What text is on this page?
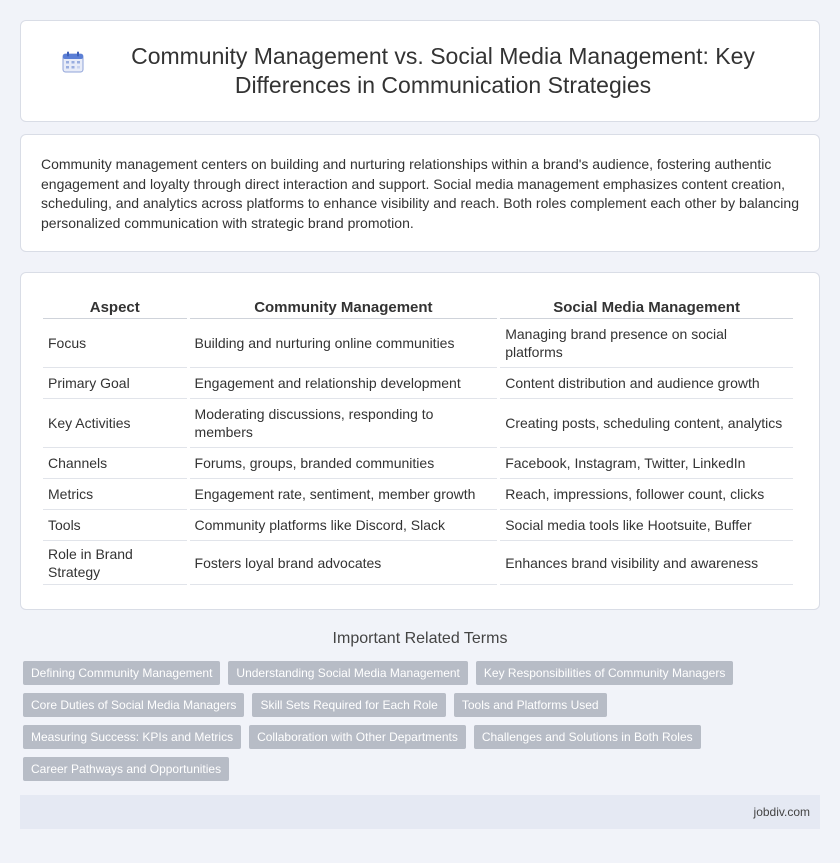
Community Management vs. Social Media Management: Key Differences in Communication Strategies

Community management centers on building and nurturing relationships within a brand's audience, fostering authentic engagement and loyalty through direct interaction and support. Social media management emphasizes content creation, scheduling, and analytics across platforms to enhance visibility and reach. Both roles complement each other by balancing personalized communication with strategic brand promotion.

Aspect	Community Management	Social Media Management
Focus	Building and nurturing online communities	Managing brand presence on social platforms
Primary Goal	Engagement and relationship development	Content distribution and audience growth
Key Activities	Moderating discussions, responding to members	Creating posts, scheduling content, analytics
Channels	Forums, groups, branded communities	Facebook, Instagram, Twitter, LinkedIn
Metrics	Engagement rate, sentiment, member growth	Reach, impressions, follower count, clicks
Tools	Community platforms like Discord, Slack	Social media tools like Hootsuite, Buffer
Role in Brand Strategy	Fosters loyal brand advocates	Enhances brand visibility and awareness
Important Related Terms
Defining Community Management	Understanding Social Media Management	Key Responsibilities of Community Managers
Core Duties of Social Media Managers	Skill Sets Required for Each Role	Tools and Platforms Used
Measuring Success: KPIs and Metrics	Collaboration with Other Departments	Challenges and Solutions in Both Roles
Career Pathways and Opportunities
jobdiv.com
